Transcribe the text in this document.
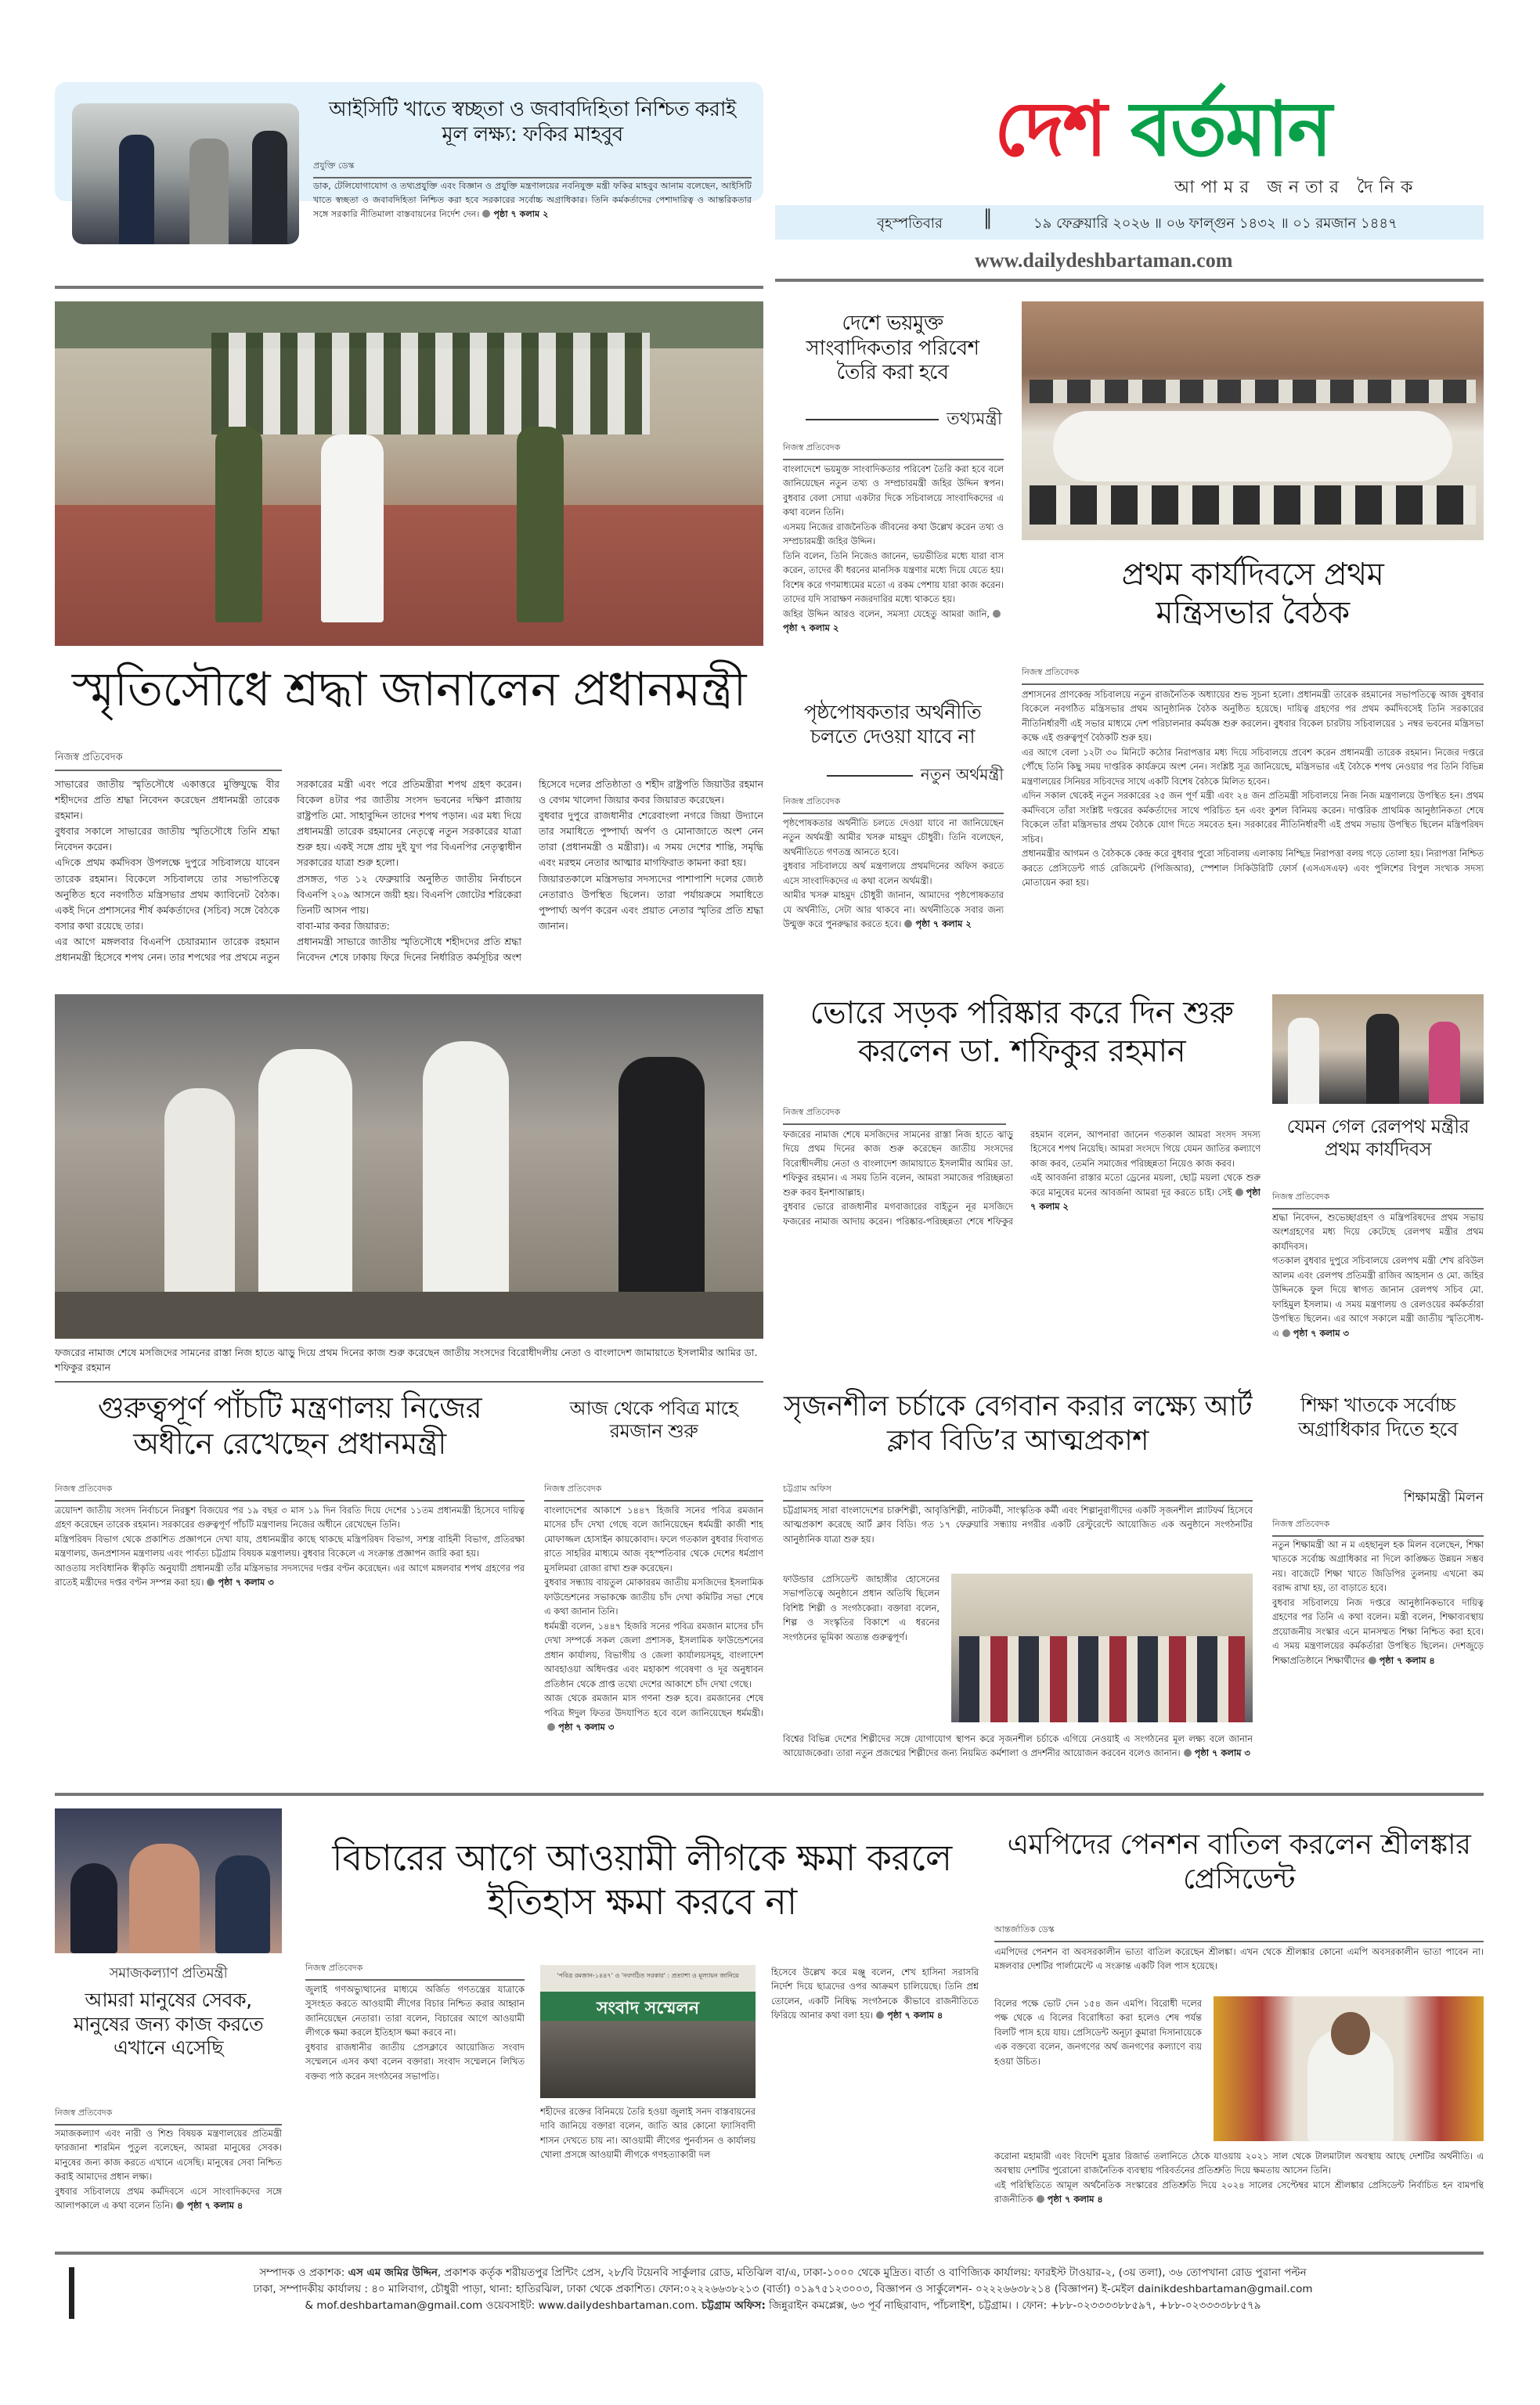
আইসিটি খাতে স্বচ্ছতা ও জবাবদিহিতা নিশ্চিত করাই মূল লক্ষ্য: ফকির মাহবুব
প্রযুক্তি ডেস্ক
ডাক, টেলিযোগাযোগ ও তথ্যপ্রযুক্তি এবং বিজ্ঞান ও প্রযুক্তি মন্ত্রণালয়ের নবনিযুক্ত মন্ত্রী ফকির মাহবুব আনাম বলেছেন, আইসিটি খাতে স্বচ্ছতা ও জবাবদিহিতা নিশ্চিত করা হবে সরকারের সর্বোচ্চ অগ্রাধিকার। তিনি কর্মকর্তাদের পেশাদারিত্ব ও আন্তরিকতার সঙ্গে সরকারি নীতিমালা বাস্তবায়নের নির্দেশ দেন। পৃষ্ঠা ৭ কলাম ২
দেশ বর্তমান
আপামর জনতার দৈনিক
বৃহস্পতিবার ║	১৯ ফেব্রুয়ারি ২০২৬ ॥ ০৬ ফাল্গুন ১৪৩২ ॥ ০১ রমজান ১৪৪৭
www.dailydeshbartaman.com
স্মৃতিসৌধে শ্রদ্ধা জানালেন প্রধানমন্ত্রী
নিজস্ব প্রতিবেদক

সাভারের জাতীয় স্মৃতিসৌধে একাত্তরে মুক্তিযুদ্ধে বীর শহীদদের প্রতি শ্রদ্ধা নিবেদন করেছেন প্রধানমন্ত্রী তারেক রহমান।

বুধবার সকালে সাভারের জাতীয় স্মৃতিসৌধে তিনি শ্রদ্ধা নিবেদন করেন।

এদিকে প্রথম কর্মদিবস উপলক্ষে দুপুরে সচিবালয়ে যাবেন তারেক রহমান। বিকেলে সচিবালয়ে তার সভাপতিত্বে অনুষ্ঠিত হবে নবগঠিত মন্ত্রিসভার প্রথম ক্যাবিনেট বৈঠক। একই দিনে প্রশাসনের শীর্ষ কর্মকর্তাদের (সচিব) সঙ্গে বৈঠকে বসার কথা রয়েছে তার।

এর আগে মঙ্গলবার বিএনপি চেয়ারম্যান তারেক রহমান প্রধানমন্ত্রী হিসেবে শপথ নেন। তার শপথের পর প্রথমে নতুন সরকারের মন্ত্রী এবং পরে প্রতিমন্ত্রীরা শপথ গ্রহণ করেন। বিকেল ৪টার পর জাতীয় সংসদ ভবনের দক্ষিণ প্লাজায় রাষ্ট্রপতি মো. সাহাবুদ্দিন তাদের শপথ পড়ান। এর মধ্য দিয়ে প্রধানমন্ত্রী তারেক রহমানের নেতৃত্বে নতুন সরকারের যাত্রা শুরু হয়। একই সঙ্গে প্রায় দুই যুগ পর বিএনপির নেতৃত্বাধীন সরকারের যাত্রা শুরু হলো।

প্রসঙ্গত, গত ১২ ফেব্রুয়ারি অনুষ্ঠিত জাতীয় নির্বাচনে বিএনপি ২০৯ আসনে জয়ী হয়। বিএনপি জোটের শরিকেরা তিনটি আসন পায়।

বাবা-মার কবর জিয়ারত:

প্রধানমন্ত্রী সাভারে জাতীয় স্মৃতিসৌধে শহীদদের প্রতি শ্রদ্ধা নিবেদন শেষে ঢাকায় ফিরে দিনের নির্ধারিত কর্মসূচির অংশ হিসেবে দলের প্রতিষ্ঠাতা ও শহীদ রাষ্ট্রপতি জিয়াউর রহমান ও বেগম খালেদা জিয়ার কবর জিয়ারত করেছেন।

বুধবার দুপুরে রাজধানীর শেরেবাংলা নগরে জিয়া উদ্যানে তার সমাধিতে পুষ্পার্ঘ্য অর্পণ ও মোনাজাতে অংশ নেন তারা (প্রধানমন্ত্রী ও মন্ত্রীরা)। এ সময় দেশের শান্তি, সমৃদ্ধি এবং মরহুম নেতার আত্মার মাগফিরাত কামনা করা হয়।

জিয়ারতকালে মন্ত্রিসভার সদস্যদের পাশাপাশি দলের জ্যেষ্ঠ নেতারাও উপস্থিত ছিলেন। তারা পর্যায়ক্রমে সমাধিতে পুষ্পার্ঘ্য অর্পণ করেন এবং প্রয়াত নেতার স্মৃতির প্রতি শ্রদ্ধা জানান।

দেশে ভয়মুক্ত সাংবাদিকতার পরিবেশ তৈরি করা হবে
তথ্যমন্ত্রী
নিজস্ব প্রতিবেদক

বাংলাদেশে ভয়মুক্ত সাংবাদিকতার পরিবেশ তৈরি করা হবে বলে জানিয়েছেন নতুন তথ্য ও সম্প্রচারমন্ত্রী জহির উদ্দিন স্বপন। বুধবার বেলা সোয়া একটার দিকে সচিবালয়ে সাংবাদিকদের এ কথা বলেন তিনি।

এসময় নিজের রাজনৈতিক জীবনের কথা উল্লেখ করেন তথ্য ও সম্প্রচারমন্ত্রী জহির উদ্দিন।

তিনি বলেন, তিনি নিজেও জানেন, ভয়ভীতির মধ্যে যারা বাস করেন, তাদের কী ধরনের মানসিক যন্ত্রণার মধ্যে দিয়ে যেতে হয়। বিশেষ করে গণমাধ্যমের মতো এ রকম পেশায় যারা কাজ করেন। তাদের যদি সারাক্ষণ নজরদারির মধ্যে থাকতে হয়।

জহির উদ্দিন আরও বলেন, সমস্যা যেহেতু আমরা জানি,পৃষ্ঠা ৭ কলাম ২

পৃষ্ঠপোষকতার অর্থনীতি চলতে দেওয়া যাবে না
নতুন অর্থমন্ত্রী
নিজস্ব প্রতিবেদক

পৃষ্ঠপোষকতার অর্থনীতি চলতে দেওয়া যাবে না জানিয়েছেন নতুন অর্থমন্ত্রী আমীর খসরু মাহমুদ চৌধুরী। তিনি বলেছেন, অর্থনীতিতে গণতন্ত্র আনতে হবে।

বুধবার সচিবালয়ে অর্থ মন্ত্রণালয়ে প্রথমদিনের অফিস করতে এসে সাংবাদিকদের এ কথা বলেন অর্থমন্ত্রী।

আমীর খসরু মাহমুদ চৌধুরী জানান, আমাদের পৃষ্ঠপোষকতার যে অর্থনীতি, সেটা আর থাকবে না। অর্থনীতিকে সবার জন্য উন্মুক্ত করে পুনরুদ্ধার করতে হবে। পৃষ্ঠা ৭ কলাম ২

প্রথম কার্যদিবসে প্রথম মন্ত্রিসভার বৈঠক
নিজস্ব প্রতিবেদক

প্রশাসনের প্রাণকেন্দ্র সচিবালয়ে নতুন রাজনৈতিক অধ্যায়ের শুভ সূচনা হলো। প্রধানমন্ত্রী তারেক রহমানের সভাপতিত্বে আজ বুধবার বিকেলে নবগঠিত মন্ত্রিসভার প্রথম আনুষ্ঠানিক বৈঠক অনুষ্ঠিত হয়েছে। দায়িত্ব গ্রহণের পর প্রথম কর্মদিবসেই তিনি সরকারের নীতিনির্ধারণী এই সভার মাধ্যমে দেশ পরিচালনার কর্মযজ্ঞ শুরু করলেন। বুধবার বিকেল চারটায় সচিবালয়ের ১ নম্বর ভবনের মন্ত্রিসভা কক্ষে এই গুরুত্বপূর্ণ বৈঠকটি শুরু হয়।

এর আগে বেলা ১২টা ৩০ মিনিটে কঠোর নিরাপত্তার মধ্য দিয়ে সচিবালয়ে প্রবেশ করেন প্রধানমন্ত্রী তারেক রহমান। নিজের দপ্তরে পৌঁছে তিনি কিছু সময় দাপ্তরিক কার্যক্রমে অংশ নেন। সংশ্লিষ্ট সূত্র জানিয়েছে, মন্ত্রিসভার এই বৈঠকে শপথ নেওয়ার পর তিনি বিভিন্ন মন্ত্রণালয়ের সিনিয়র সচিবদের সাথে একটি বিশেষ বৈঠকে মিলিত হবেন।

এদিন সকাল থেকেই নতুন সরকারের ২৫ জন পূর্ণ মন্ত্রী এবং ২৪ জন প্রতিমন্ত্রী সচিবালয়ে নিজ নিজ মন্ত্রণালয়ে উপস্থিত হন। প্রথম কর্মদিবসে তাঁরা সংশ্লিষ্ট দপ্তরের কর্মকর্তাদের সাথে পরিচিত হন এবং কুশল বিনিময় করেন। দাপ্তরিক প্রাথমিক আনুষ্ঠানিকতা শেষে বিকেলে তাঁরা মন্ত্রিসভার প্রথম বৈঠকে যোগ দিতে সমবেত হন। সরকারের নীতিনির্ধারণী এই প্রথম সভায় উপস্থিত ছিলেন মন্ত্রিপরিষদ সচিব।

প্রধানমন্ত্রীর আগমন ও বৈঠককে কেন্দ্র করে বুধবার পুরো সচিবালয় এলাকায় নিশ্ছিদ্র নিরাপত্তা বলয় গড়ে তোলা হয়। নিরাপত্তা নিশ্চিত করতে প্রেসিডেন্ট গার্ড রেজিমেন্ট (পিজিআর), স্পেশাল সিকিউরিটি ফোর্স (এসএসএফ) এবং পুলিশের বিপুল সংখ্যক সদস্য মোতায়েন করা হয়।

ফজরের নামাজ শেষে মসজিদের সামনের রাস্তা নিজ হাতে ঝাড়ু দিয়ে প্রথম দিনের কাজ শুরু করেছেন জাতীয় সংসদের বিরোধীদলীয় নেতা ও বাংলাদেশ জামায়াতে ইসলামীর আমির ডা. শফিকুর রহমান
ভোরে সড়ক পরিষ্কার করে দিন শুরু করলেন ডা. শফিকুর রহমান
নিজস্ব প্রতিবেদক

ফজরের নামাজ শেষে মসজিদের সামনের রাস্তা নিজ হাতে ঝাড়ু দিয়ে প্রথম দিনের কাজ শুরু করেছেন জাতীয় সংসদের বিরোধীদলীয় নেতা ও বাংলাদেশ জামায়াতে ইসলামীর আমির ডা. শফিকুর রহমান। এ সময় তিনি বলেন, আমরা সমাজের পরিচ্ছন্নতা শুরু করব ইনশাআল্লাহ।

বুধবার ভোরে রাজধানীর মগবাজারের বাইতুন নূর মসজিদে ফজরের নামাজ আদায় করেন। পরিষ্কার-পরিচ্ছন্নতা শেষে শফিকুর রহমান বলেন, আপনারা জানেন গতকাল আমরা সংসদ সদস্য হিসেবে শপথ নিয়েছি। আমরা সংসদে গিয়ে যেমন জাতির কল্যাণে কাজ করব, তেমনি সমাজের পরিচ্ছন্নতা নিয়েও কাজ করব।

এই আবর্জনা রাস্তার মতো ড্রেনের ময়লা, ছোট্ট ময়লা থেকে শুরু করে মানুষের মনের আবর্জনা আমরা দূর করতে চাই। সেই পৃষ্ঠা ৭ কলাম ২

যেমন গেল রেলপথ মন্ত্রীর প্রথম কার্যদিবস
নিজস্ব প্রতিবেদক

শ্রদ্ধা নিবেদন, শুভেচ্ছাগ্রহণ ও মন্ত্রিপরিষদের প্রথম সভায় অংশগ্রহণের মধ্য দিয়ে কেটেছে রেলপথ মন্ত্রীর প্রথম কার্যদিবস।

গতকাল বুধবার দুপুরে সচিবালয়ে রেলপথ মন্ত্রী শেখ রবিউল আলম এবং রেলপথ প্রতিমন্ত্রী রাজিব আহসান ও মো. জহির উদ্দিনকে ফুল দিয়ে স্বাগত জানান রেলপথ সচিব মো. ফাহিমুল ইসলাম। এ সময় মন্ত্রণালয় ও রেলওয়ের কর্মকর্তারা উপস্থিত ছিলেন। এর আগে সকালে মন্ত্রী জাতীয় স্মৃতিসৌধ-এ পৃষ্ঠা ৭ কলাম ৩

গুরুত্বপূর্ণ পাঁচটি মন্ত্রণালয় নিজের অধীনে রেখেছেন প্রধানমন্ত্রী
নিজস্ব প্রতিবেদক

ত্রয়োদশ জাতীয় সংসদ নির্বাচনে নিরঙ্কুশ বিজয়ের পর ১৯ বছর ৩ মাস ১৯ দিন বিরতি দিয়ে দেশের ১১তম প্রধানমন্ত্রী হিসেবে দায়িত্ব গ্রহণ করেছেন তারেক রহমান। সরকারের গুরুত্বপূর্ণ পাঁচটি মন্ত্রণালয় নিজের অধীনে রেখেছেন তিনি।

মন্ত্রিপরিষদ বিভাগ থেকে প্রকাশিত প্রজ্ঞাপনে দেখা যায়, প্রধানমন্ত্রীর কাছে থাকছে মন্ত্রিপরিষদ বিভাগ, সশস্ত্র বাহিনী বিভাগ, প্রতিরক্ষা মন্ত্রণালয়, জনপ্রশাসন মন্ত্রণালয় এবং পার্বত্য চট্টগ্রাম বিষয়ক মন্ত্রণালয়। বুধবার বিকেলে এ সংক্রান্ত প্রজ্ঞাপন জারি করা হয়।

আওতায় সংবিধানিক স্বীকৃতি অনুযায়ী প্রধানমন্ত্রী তাঁর মন্ত্রিসভার সদস্যদের দপ্তর বণ্টন করেছেন। এর আগে মঙ্গলবার শপথ গ্রহণের পর রাতেই মন্ত্রীদের দপ্তর বণ্টন সম্পন্ন করা হয়। পৃষ্ঠা ৭ কলাম ৩

আজ থেকে পবিত্র মাহে রমজান শুরু
নিজস্ব প্রতিবেদক

বাংলাদেশের আকাশে ১৪৪৭ হিজরি সনের পবিত্র রমজান মাসের চাঁদ দেখা গেছে বলে জানিয়েছেন ধর্মমন্ত্রী কাজী শাহ মোফাজ্জল হোসাইন কায়কোবাদ। ফলে গতকাল বুধবার দিবাগত রাতে সাহরির মাধ্যমে আজ বৃহস্পতিবার থেকে দেশের ধর্মপ্রাণ মুসলিমরা রোজা রাখা শুরু করেছেন।

বুধবার সন্ধ্যায় বায়তুল মোকাররম জাতীয় মসজিদের ইসলামিক ফাউন্ডেশনের সভাকক্ষে জাতীয় চাঁদ দেখা কমিটির সভা শেষে এ কথা জানান তিনি।

ধর্মমন্ত্রী বলেন, ১৪৪৭ হিজরি সনের পবিত্র রমজান মাসের চাঁদ দেখা সম্পর্কে সকল জেলা প্রশাসক, ইসলামিক ফাউন্ডেশনের প্রধান কার্যালয়, বিভাগীয় ও জেলা কার্যালয়সমূহ, বাংলাদেশ আবহাওয়া অধিদপ্তর এবং মহাকাশ গবেষণা ও দূর অনুধাবন প্রতিষ্ঠান থেকে প্রাপ্ত তথ্যে দেশের আকাশে চাঁদ দেখা গেছে।

আজ থেকে রমজান মাস গণনা শুরু হবে। রমজানের শেষে পবিত্র ঈদুল ফিতর উদযাপিত হবে বলে জানিয়েছেন ধর্মমন্ত্রী।পৃষ্ঠা ৭ কলাম ৩

সৃজনশীল চর্চাকে বেগবান করার লক্ষ্যে আর্ট ক্লাব বিডি’র আত্মপ্রকাশ
চট্টগ্রাম অফিস

চট্টগ্রামসহ সারা বাংলাদেশের চারুশিল্পী, আবৃত্তিশিল্পী, নাট্যকর্মী, সাংস্কৃতিক কর্মী এবং শিল্পানুরাগীদের একটি সৃজনশীল প্ল্যাটফর্ম হিসেবে আত্মপ্রকাশ করেছে আর্ট ক্লাব বিডি। গত ১৭ ফেব্রুয়ারি সন্ধ্যায় নগরীর একটি রেস্টুরেন্টে আয়োজিত এক অনুষ্ঠানে সংগঠনটির আনুষ্ঠানিক যাত্রা শুরু হয়।

ফাউন্ডার প্রেসিডেন্ট জাহাঙ্গীর হোসেনের সভাপতিত্বে অনুষ্ঠানে প্রধান অতিথি ছিলেন বিশিষ্ট শিল্পী ও সংগঠকেরা। বক্তারা বলেন, শিল্প ও সংস্কৃতির বিকাশে এ ধরনের সংগঠনের ভূমিকা অত্যন্ত গুরুত্বপূর্ণ।

বিশ্বের বিভিন্ন দেশের শিল্পীদের সঙ্গে যোগাযোগ স্থাপন করে সৃজনশীল চর্চাকে এগিয়ে নেওয়াই এ সংগঠনের মূল লক্ষ্য বলে জানান আয়োজকেরা। তারা নতুন প্রজন্মের শিল্পীদের জন্য নিয়মিত কর্মশালা ও প্রদর্শনীর আয়োজন করবেন বলেও জানান। পৃষ্ঠা ৭ কলাম ৩

শিক্ষা খাতকে সর্বোচ্চ অগ্রাধিকার দিতে হবে
শিক্ষামন্ত্রী মিলন
নিজস্ব প্রতিবেদক

নতুন শিক্ষামন্ত্রী আ ন ম এহছানুল হক মিলন বলেছেন, শিক্ষা খাতকে সর্বোচ্চ অগ্রাধিকার না দিলে কাঙ্ক্ষিত উন্নয়ন সম্ভব নয়। বাজেটে শিক্ষা খাতে জিডিপির তুলনায় এখনো কম বরাদ্দ রাখা হয়, তা বাড়াতে হবে।

বুধবার সচিবালয়ে নিজ দপ্তরে আনুষ্ঠানিকভাবে দায়িত্ব গ্রহণের পর তিনি এ কথা বলেন। মন্ত্রী বলেন, শিক্ষাব্যবস্থায় প্রয়োজনীয় সংস্কার এনে মানসম্মত শিক্ষা নিশ্চিত করা হবে। এ সময় মন্ত্রণালয়ের কর্মকর্তারা উপস্থিত ছিলেন। দেশজুড়ে শিক্ষাপ্রতিষ্ঠানে শিক্ষার্থীদের পৃষ্ঠা ৭ কলাম ৪

সমাজকল্যাণ প্রতিমন্ত্রী
আমরা মানুষের সেবক, মানুষের জন্য কাজ করতে এখানে এসেছি
নিজস্ব প্রতিবেদক

সমাজকল্যাণ এবং নারী ও শিশু বিষয়ক মন্ত্রণালয়ের প্রতিমন্ত্রী ফারজানা শারমিন পুতুল বলেছেন, আমরা মানুষের সেবক। মানুষের জন্য কাজ করতে এখানে এসেছি। মানুষের সেবা নিশ্চিত করাই আমাদের প্রধান লক্ষ্য।

বুধবার সচিবালয়ে প্রথম কর্মদিবসে এসে সাংবাদিকদের সঙ্গে আলাপকালে এ কথা বলেন তিনি। পৃষ্ঠা ৭ কলাম ৪

বিচারের আগে আওয়ামী লীগকে ক্ষমা করলে ইতিহাস ক্ষমা করবে না
নিজস্ব প্রতিবেদক

জুলাই গণঅভ্যুত্থানের মাধ্যমে অর্জিত গণতন্ত্রের যাত্রাকে সুসংহত করতে আওয়ামী লীগের বিচার নিশ্চিত করার আহ্বান জানিয়েছেন নেতারা। তারা বলেন, বিচারের আগে আওয়ামী লীগকে ক্ষমা করলে ইতিহাস ক্ষমা করবে না।

বুধবার রাজধানীর জাতীয় প্রেসক্লাবে আয়োজিত সংবাদ সম্মেলনে এসব কথা বলেন বক্তারা। সংবাদ সম্মেলনে লিখিত বক্তব্য পাঠ করেন সংগঠনের সভাপতি।

'পবিত্র রমজান-১৪৪৭' ও 'নবগঠিত সরকার' : প্রত্যাশা ও মূল্যায়ন জানিয়ে
সংবাদ সম্মেলন

শহীদের রক্তের বিনিময়ে তৈরি হওয়া জুলাই সনদ বাস্তবায়নের দাবি জানিয়ে বক্তারা বলেন, জাতি আর কোনো ফ্যাসিবাদী শাসন দেখতে চায় না। আওয়ামী লীগের পুনর্বাসন ও কার্যালয় খোলা প্রসঙ্গে আওয়ামী লীগকে গণহত্যাকারী দল

হিসেবে উল্লেখ করে মঞ্জু বলেন, শেখ হাসিনা সরাসরি নির্দেশ দিয়ে ছাত্রদের ওপর আক্রমণ চালিয়েছে। তিনি প্রশ্ন তোলেন, একটি নিষিদ্ধ সংগঠনকে কীভাবে রাজনীতিতে ফিরিয়ে আনার কথা বলা হয়। পৃষ্ঠা ৭ কলাম ৪

এমপিদের পেনশন বাতিল করলেন শ্রীলঙ্কার প্রেসিডেন্ট
আন্তর্জাতিক ডেস্ক

এমপিদের পেনশন বা অবসরকালীন ভাতা বাতিল করেছেন শ্রীলঙ্কা। এখন থেকে শ্রীলঙ্কার কোনো এমপি অবসরকালীন ভাতা পাবেন না। মঙ্গলবার দেশটির পার্লামেন্টে এ সংক্রান্ত একটি বিল পাস হয়েছে।

বিলের পক্ষে ভোট দেন ১৫৪ জন এমপি। বিরোধী দলের পক্ষ থেকে এ বিলের বিরোধিতা করা হলেও শেষ পর্যন্ত বিলটি পাস হয়ে যায়। প্রেসিডেন্ট অনূঢ়া কুমারা দিসানায়েকে এক বক্তব্যে বলেন, জনগণের অর্থ জনগণের কল্যাণে ব্যয় হওয়া উচিত।

করোনা মহামারী এবং বিদেশি মুদ্রার রিজার্ভ তলানিতে ঠেকে যাওয়ায় ২০২১ সাল থেকে টালমাটাল অবস্থায় আছে দেশটির অর্থনীতি। এ অবস্থায় দেশটির পুরোনো রাজনৈতিক ব্যবস্থায় পরিবর্তনের প্রতিশ্রুতি দিয়ে ক্ষমতায় আসেন তিনি।

এই পরিস্থিতিতে আমূল অর্থনৈতিক সংস্কারের প্রতিশ্রুতি দিয়ে ২০২৪ সালের সেপ্টেম্বর মাসে শ্রীলঙ্কার প্রেসিডেন্ট নির্বাচিত হন বামপন্থি রাজনীতিক পৃষ্ঠা ৭ কলাম ৪

সম্পাদক ও প্রকাশক: এস এম জমির উদ্দিন, প্রকাশক কর্তৃক শরীয়তপুর প্রিন্টিং প্রেস, ২৮/বি টয়েনবি সার্কুলার রোড, মতিঝিল বা/এ, ঢাকা-১০০০ থেকে মুদ্রিত। বার্তা ও বাণিজ্যিক কার্যালয়: ফারইস্ট টাওয়ার-২, (৩য় তলা), ৩৬ তোপখানা রোড পুরানা পল্টন
ঢাকা, সম্পাদকীয় কার্যালয় : ৪০ মালিবাগ, চৌধুরী পাড়া, থানা: হাতিরঝিল, ঢাকা থেকে প্রকাশিত। ফোন:০২২২৬৬৩৮২১৩ (বার্তা) ০১৯৭৫১২৩০০৩, বিজ্ঞাপন ও সার্কুলেশন- ০২২২৬৬৩৮২১৪ (বিজ্ঞাপন) ই-মেইল dainikdeshbartaman@gmail.com
& mof.deshbartaman@gmail.com ওয়েবসাইট: www.dailydeshbartaman.com. চট্টগ্রাম অফিস: জিন্নুরাইন কমপ্লেক্স, ৬৩ পূর্ব নাছিরাবাদ, পাঁচলাইশ, চট্টগ্রাম। । ফোন: +৮৮-০২৩৩৩৩৮৮৫৯৭, +৮৮-০২৩৩৩৩৮৮৫৭৯
